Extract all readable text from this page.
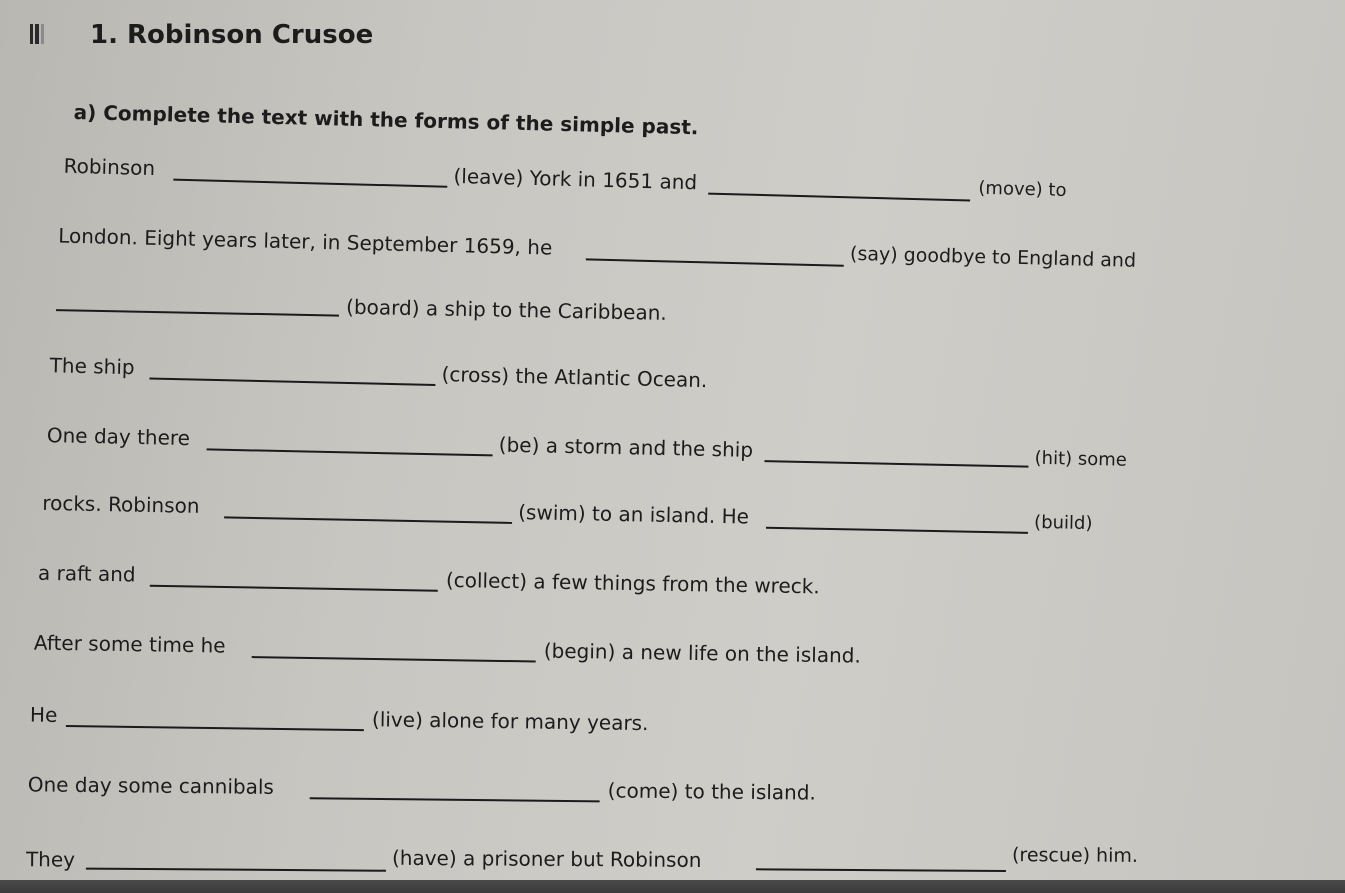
1. Robinson Crusoe
a) Complete the text with the forms of the simple past.
Robinson	(leave) York in 1651 and	(move) to
London. Eight years later, in September 1659, he	(say) goodbye to England and
(board) a ship to the Caribbean.
The ship	(cross) the Atlantic Ocean.
One day there	(be) a storm and the ship	(hit) some
rocks. Robinson	(swim) to an island. He	(build)
a raft and	(collect) a few things from the wreck.
After some time he	(begin) a new life on the island.
He	(live) alone for many years.
One day some cannibals	(come) to the island.
They	(have) a prisoner but Robinson	(rescue) him.
